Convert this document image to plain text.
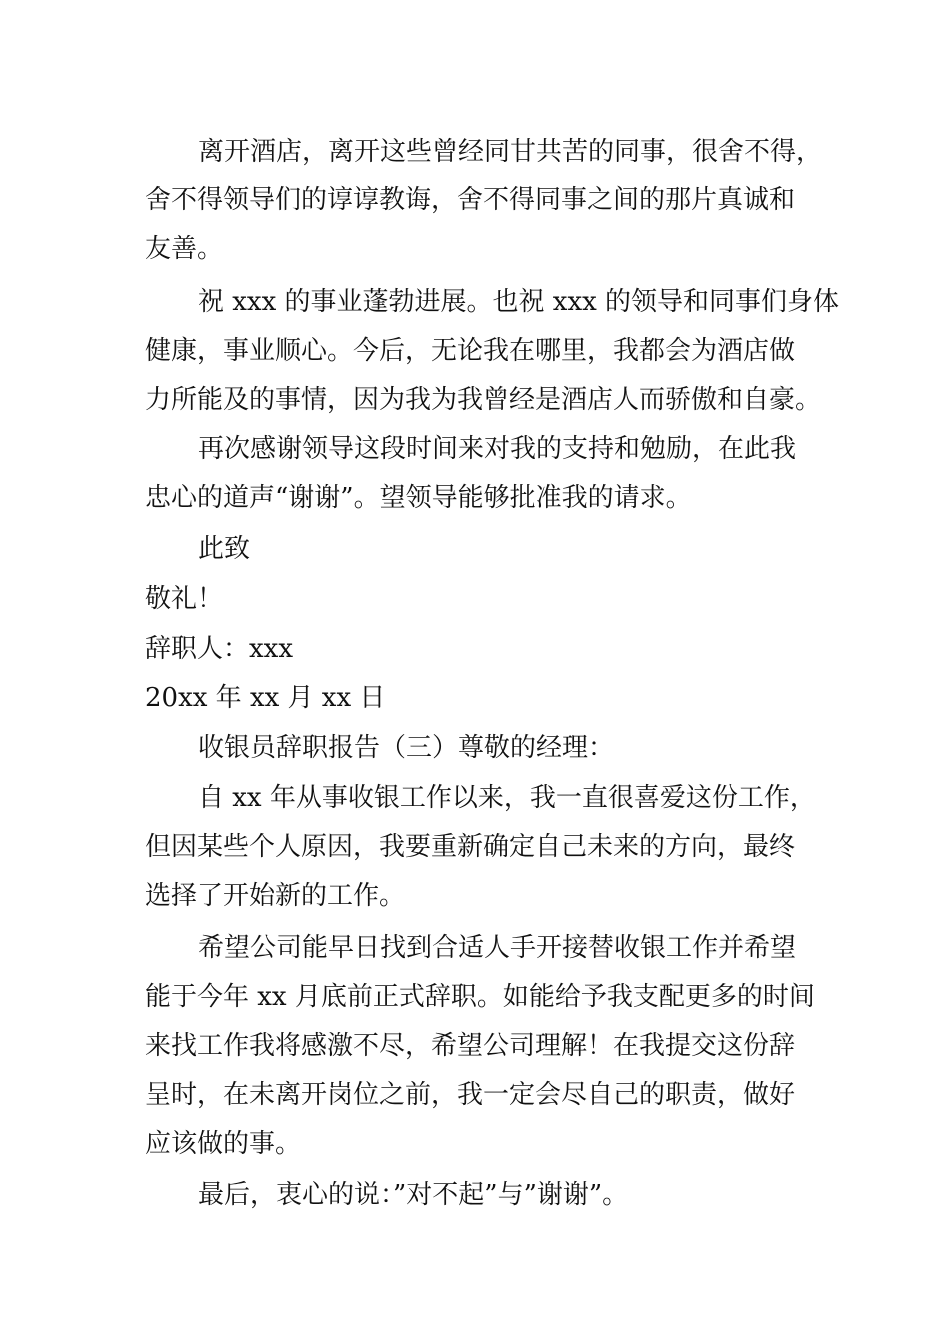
离开酒店，离开这些曾经同甘共苦的同事，很舍不得，
舍不得领导们的谆谆教诲，舍不得同事之间的那片真诚和
友善。
祝 xxx 的事业蓬勃进展。也祝 xxx 的领导和同事们身体
健康，事业顺心。今后，无论我在哪里，我都会为酒店做
力所能及的事情，因为我为我曾经是酒店人而骄傲和自豪。
再次感谢领导这段时间来对我的支持和勉励，在此我
忠心的道声“谢谢”。望领导能够批准我的请求。
此致
敬礼！
辞职人：xxx
20xx 年 xx 月 xx 日
收银员辞职报告（三）尊敬的经理：
自 xx 年从事收银工作以来，我一直很喜爱这份工作，
但因某些个人原因，我要重新确定自己未来的方向，最终
选择了开始新的工作。
希望公司能早日找到合适人手开接替收银工作并希望
能于今年 xx 月底前正式辞职。如能给予我支配更多的时间
来找工作我将感激不尽，希望公司理解！在我提交这份辞
呈时，在未离开岗位之前，我一定会尽自己的职责，做好
应该做的事。
最后，衷心的说：”对不起”与”谢谢”。
